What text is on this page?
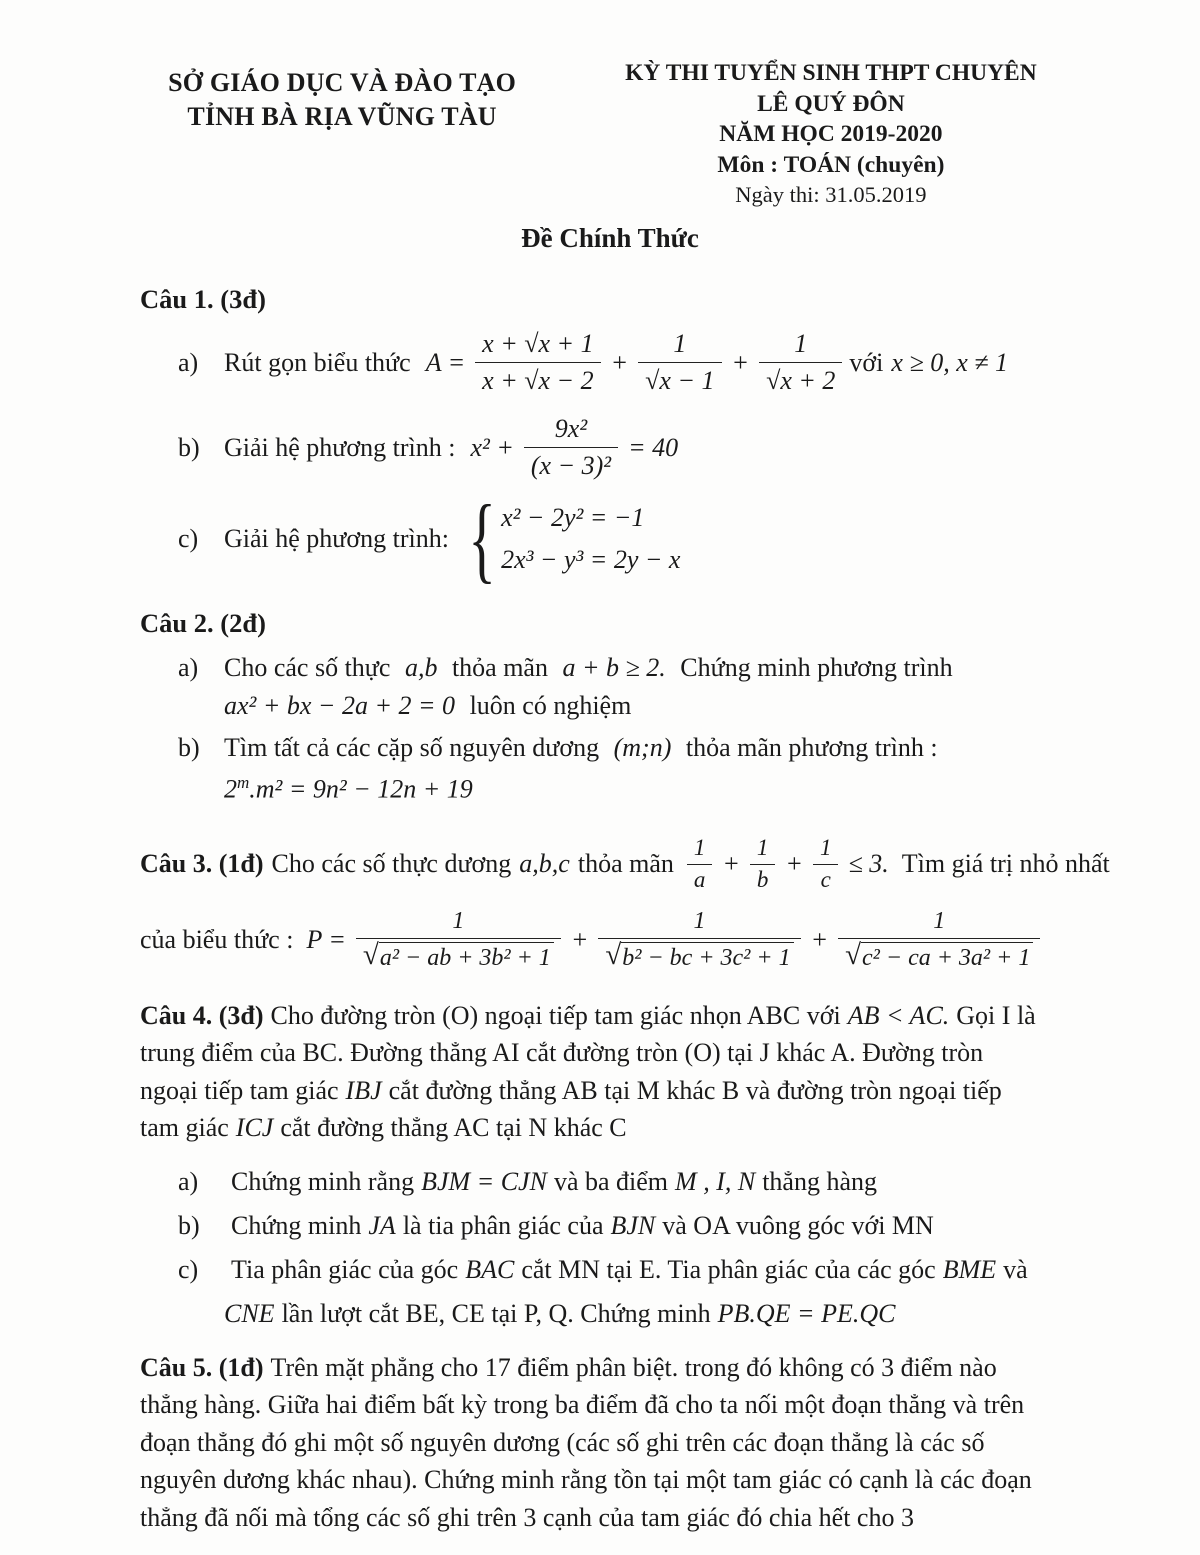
SỞ GIÁO DỤC VÀ ĐÀO TẠO
TỈNH BÀ RỊA VŨNG TÀU
KỲ THI TUYỂN SINH THPT CHUYÊN
LÊ QUÝ ĐÔN
NĂM HỌC 2019-2020
Môn : TOÁN (chuyên)
Ngày thi: 31.05.2019
Đề Chính Thức
Câu 1. (3đ)
a) Rút gọn biểu thức $A = \frac{x + √x + 1}{x + √x - 2} + \frac{1}{√x - 1} + \frac{1}{√x + 2}$ với x ≥ 0, x ≠ 1
b) Giải hệ phương trình : $x^2 + \frac{\text{9x²}}{\text{(x − 3)²}} = 40$
c) Giải hệ phương trình: { x² − 2y² = −1
2x³ − y³ = 2y − x
Câu 2. (2đ)
a) Cho các số thực a,b thỏa mãn a + b ≥ 2. Chứng minh phương trình
ax² + bx − 2a + 2 = 0 luôn có nghiệm
b) Tìm tất cả các cặp số nguyên dương (m;n) thỏa mãn phương trình :
$2^m.m^2 = 9n^2 - 12n + 19$
Câu 3. (1đ) Cho các số thực dương a,b,c thỏa mãn $\frac{1}{a} + \frac{1}{b} + \frac{1}{c} \le 3$. Tìm giá trị nhỏ nhất
của biểu thức : $P = \frac{1}{\text{√ a² − ab + 3b² + 1}} + \frac{1}{\text{√ b² − bc + 3c² + 1}} + \frac{1}{\text{√ c² − ca + 3a² + 1}}$
Câu 4. (3đ) Cho đường tròn (O) ngoại tiếp tam giác nhọn ABC với AB < AC. Gọi I là
trung điểm của BC. Đường thẳng AI cắt đường tròn (O) tại J khác A. Đường tròn
ngoại tiếp tam giác IBJ cắt đường thẳng AB tại M khác B và đường tròn ngoại tiếp
tam giác ICJ cắt đường thẳng AC tại N khác C
a)	Chứng minh rằng BJM = CJN và ba điểm M , I, N thẳng hàng
b)	Chứng minh JA là tia phân giác của BJN và OA vuông góc với MN
c)	Tia phân giác của góc BAC cắt MN tại E. Tia phân giác của các góc BME và
CNE lần lượt cắt BE, CE tại P, Q. Chứng minh PB.QE = PE.QC
Câu 5. (1đ) Trên mặt phẳng cho 17 điểm phân biệt. trong đó không có 3 điểm nào
thẳng hàng. Giữa hai điểm bất kỳ trong ba điểm đã cho ta nối một đoạn thẳng và trên
đoạn thẳng đó ghi một số nguyên dương (các số ghi trên các đoạn thẳng là các số
nguyên dương khác nhau). Chứng minh rằng tồn tại một tam giác có cạnh là các đoạn
thẳng đã nối mà tổng các số ghi trên 3 cạnh của tam giác đó chia hết cho 3
